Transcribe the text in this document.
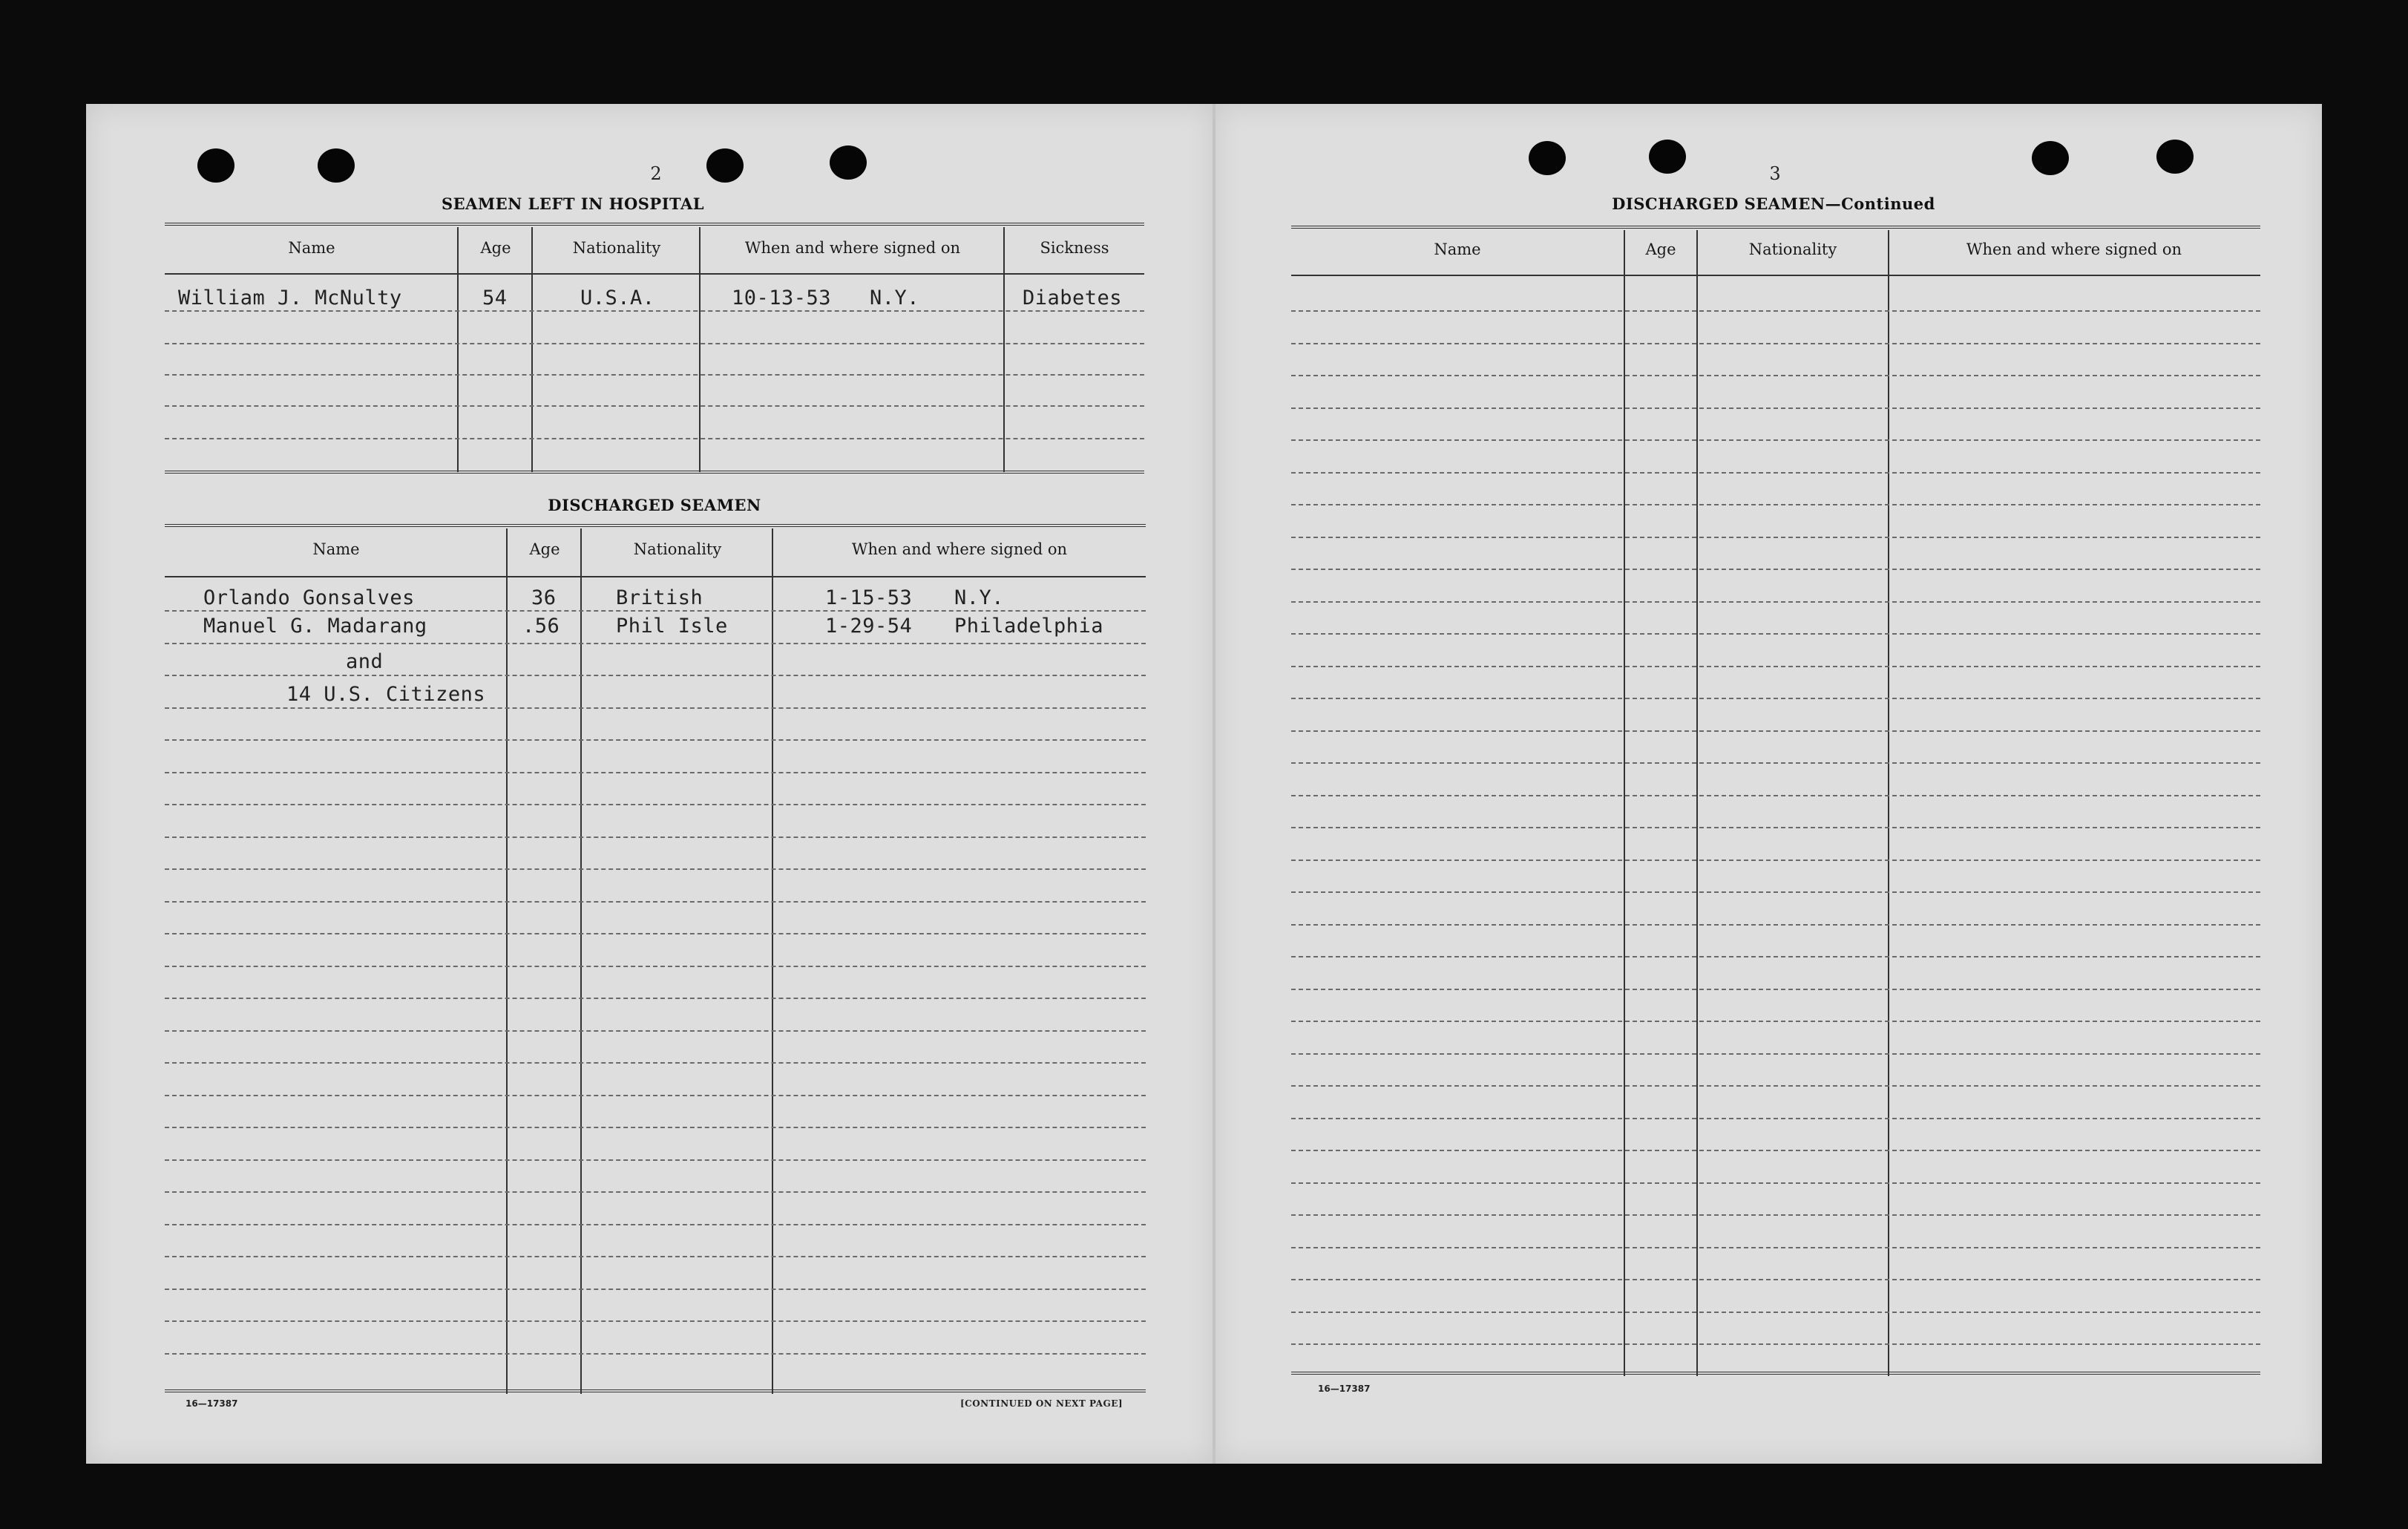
2
SEAMEN LEFT IN HOSPITAL
Name	Age	Nationality	When and where signed on	Sickness
William J. McNulty	54	U.S.A.	10-13-53 N.Y.	Diabetes
DISCHARGED SEAMEN
Name	Age	Nationality	When and where signed on
Orlando Gonsalves	36	British	1-15-53 N.Y.
Manuel G. Madarang	.56	Phil Isle	1-29-54 Philadelphia
and
14 U.S. Citizens
16—17387	[CONTINUED ON NEXT PAGE]
3
DISCHARGED SEAMEN—Continued
Name	Age	Nationality	When and where signed on
16—17387
